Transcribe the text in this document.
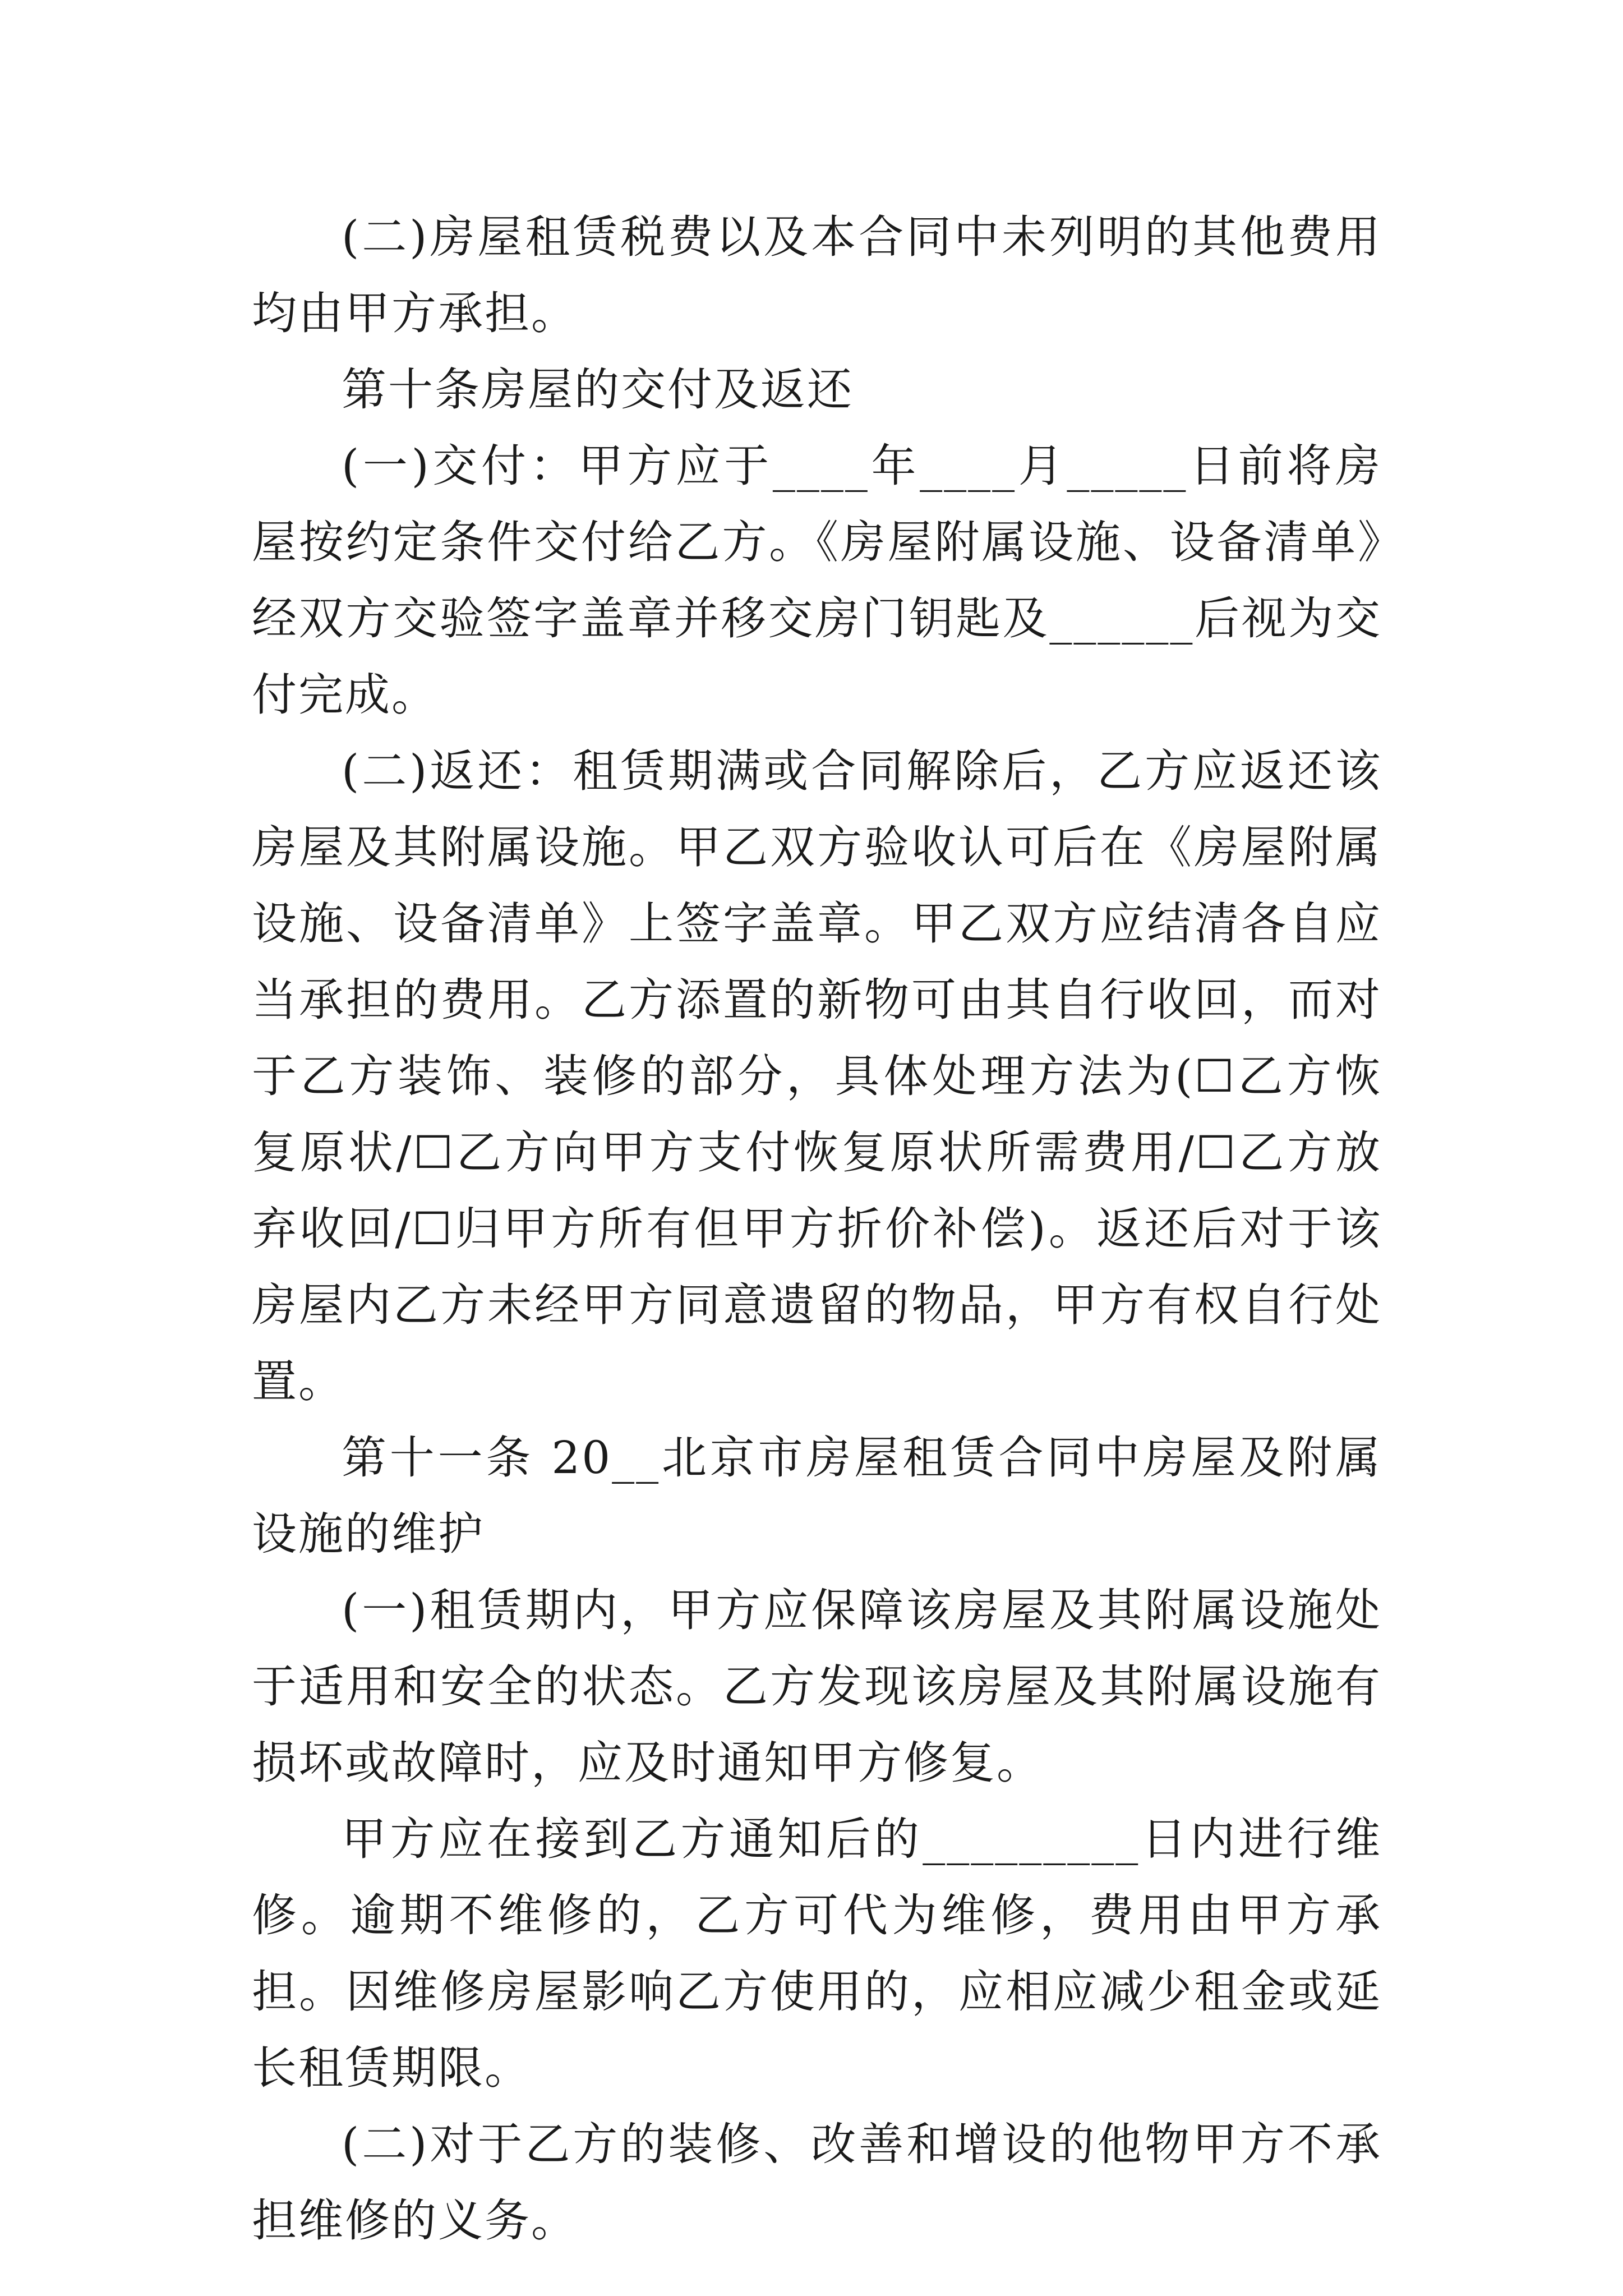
(二)房屋租赁税费以及本合同中未列明的其他费用均由甲方承担。

第十条房屋的交付及返还

(一)交付：甲方应于____年____月_____日前将房屋按约定条件交付给乙方。《房屋附属设施、设备清单》经双方交验签字盖章并移交房门钥匙及______后视为交付完成。

(二)返还：租赁期满或合同解除后，乙方应返还该房屋及其附属设施。甲乙双方验收认可后在《房屋附属设施、设备清单》上签字盖章。甲乙双方应结清各自应当承担的费用。乙方添置的新物可由其自行收回，而对于乙方装饰、装修的部分，具体处理方法为(☐乙方恢复原状/☐乙方向甲方支付恢复原状所需费用/☐乙方放弃收回/☐归甲方所有但甲方折价补偿)。返还后对于该房屋内乙方未经甲方同意遗留的物品，甲方有权自行处置。

第十一条 20__北京市房屋租赁合同中房屋及附属设施的维护

(一)租赁期内，甲方应保障该房屋及其附属设施处于适用和安全的状态。乙方发现该房屋及其附属设施有损坏或故障时，应及时通知甲方修复。

甲方应在接到乙方通知后的_________日内进行维修。逾期不维修的，乙方可代为维修，费用由甲方承担。因维修房屋影响乙方使用的，应相应减少租金或延长租赁期限。

(二)对于乙方的装修、改善和增设的他物甲方不承担维修的义务。
